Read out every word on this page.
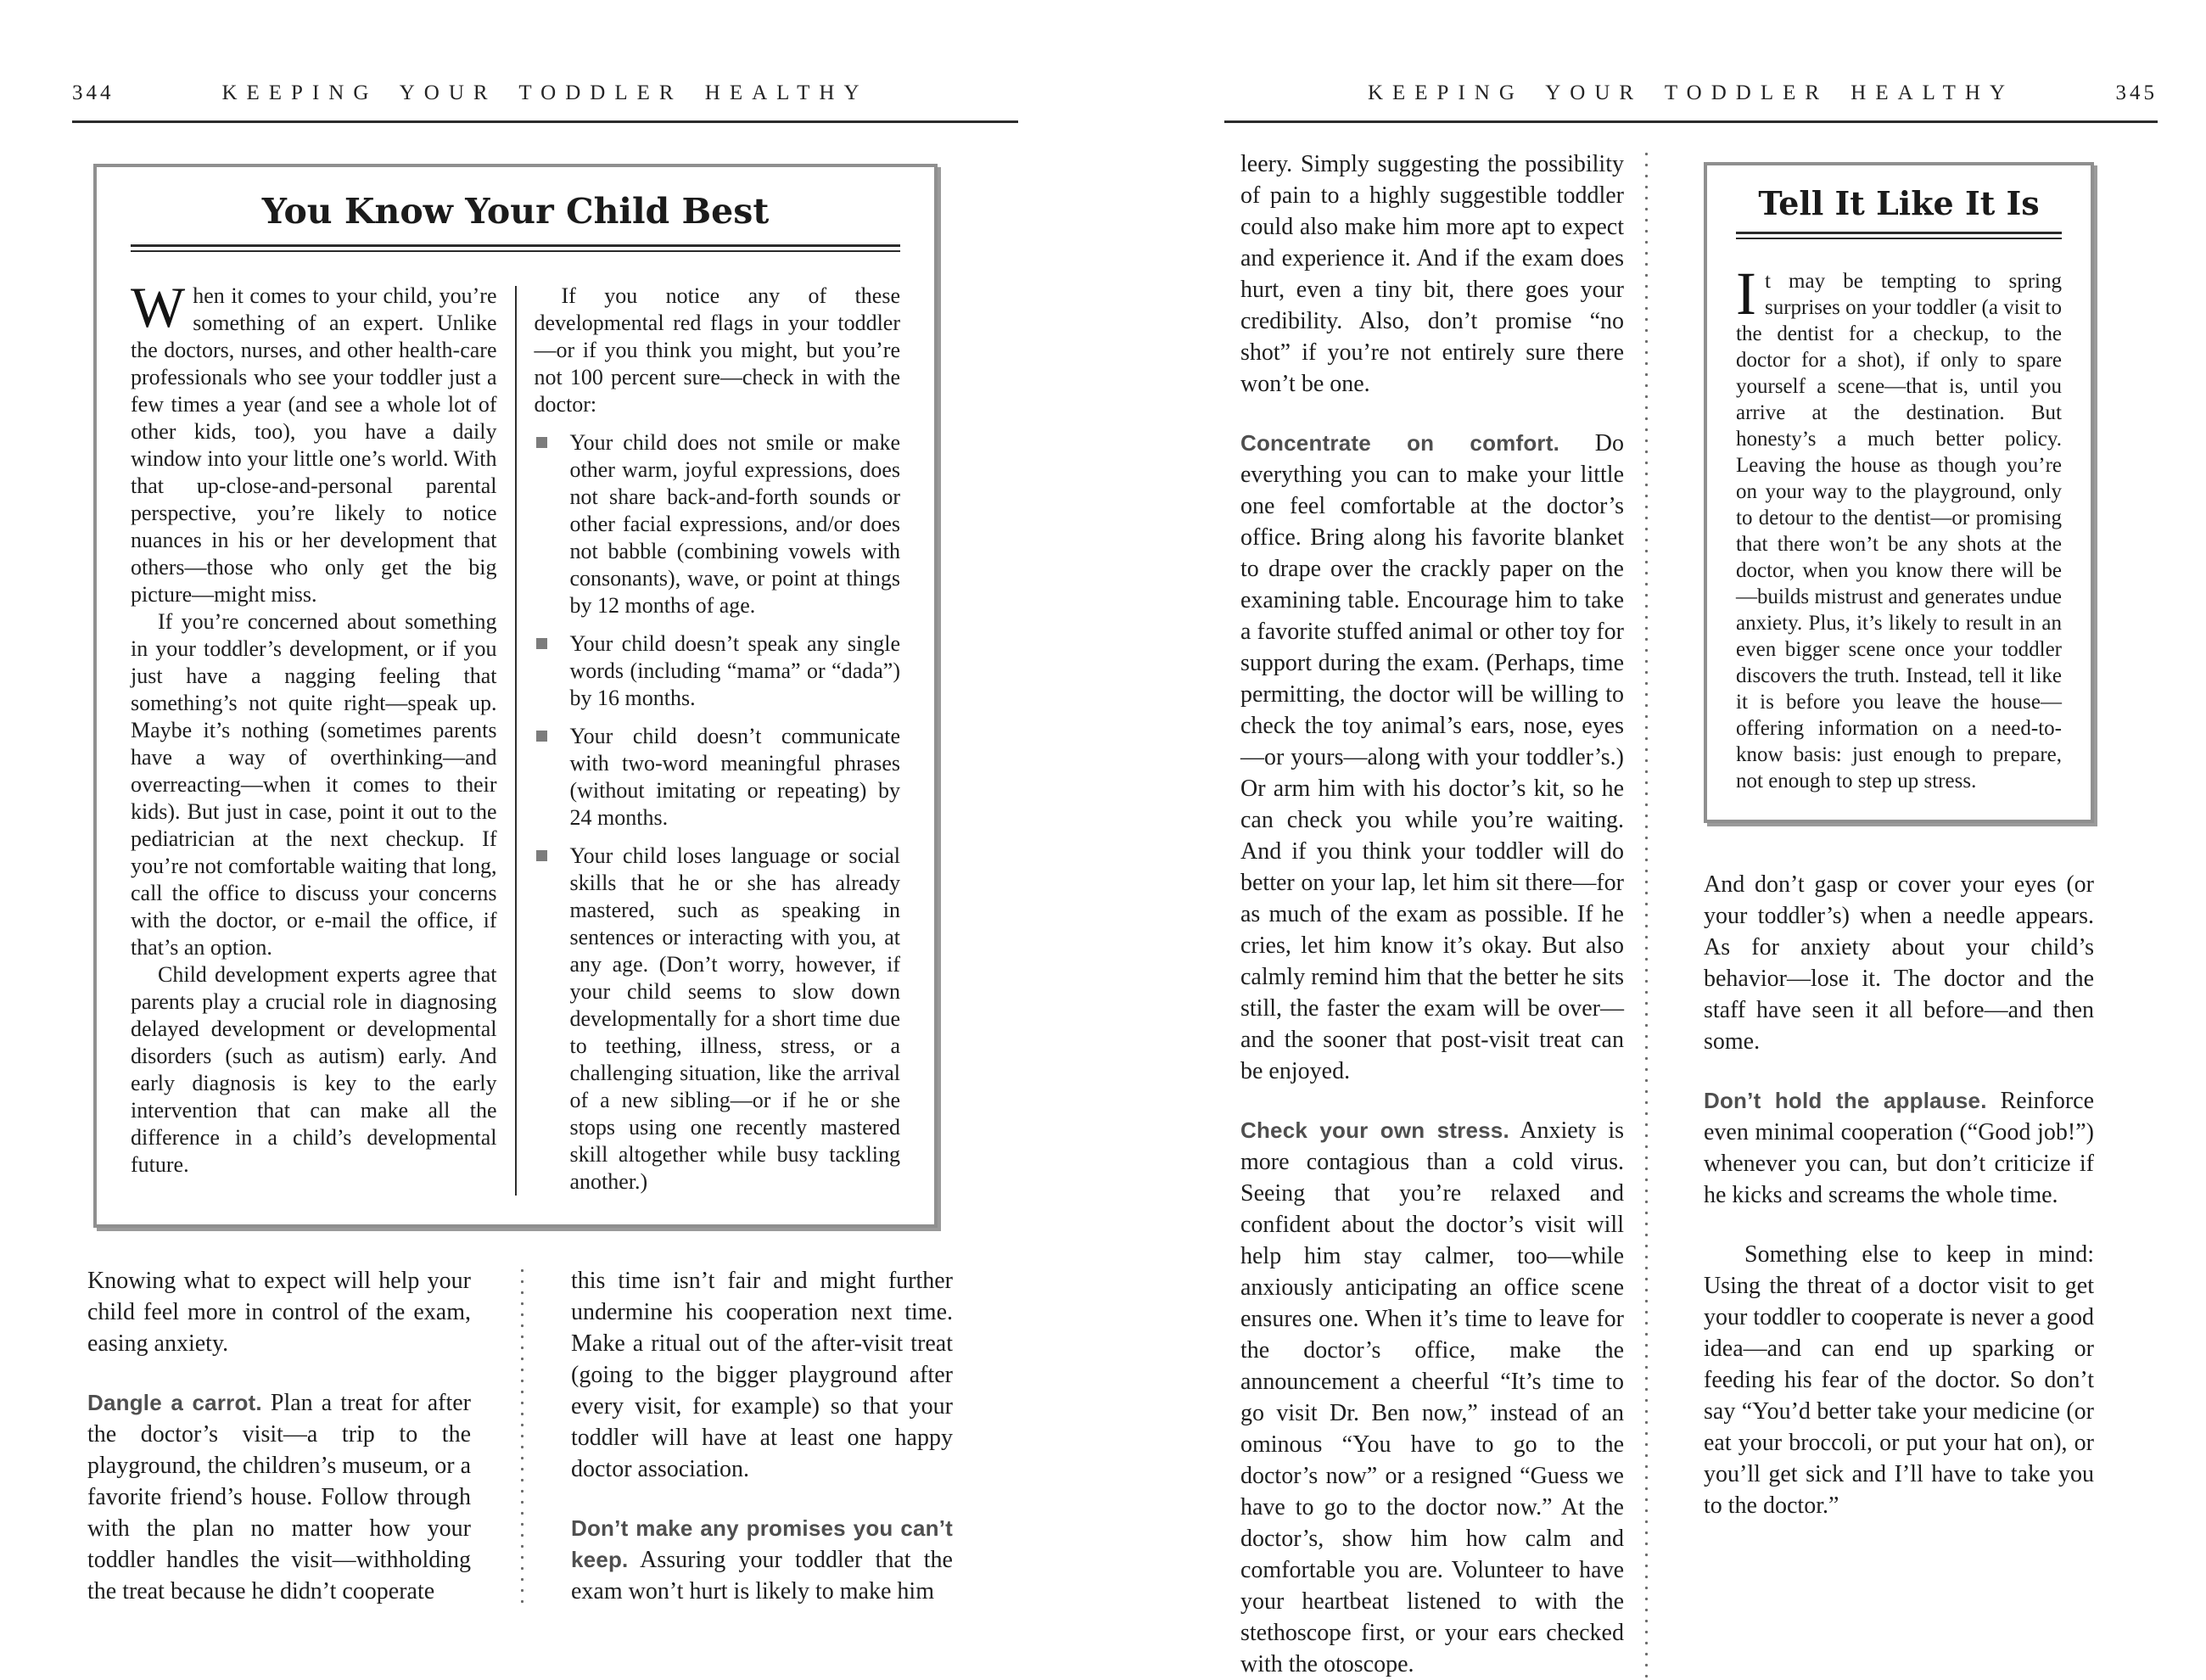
344	KEEPING YOUR TODDLER HEALTHY
You Know Your Child Best

When it comes to your child, you’re something of an expert. Unlike the doctors, nurses, and other health-care professionals who see your toddler just a few times a year (and see a whole lot of other kids, too), you have a daily window into your little one’s world. With that up-close-and-personal parental perspective, you’re likely to notice nuances in his or her development that others—those who only get the big picture—might miss.

If you’re concerned about something in your toddler’s development, or if you just have a nagging feeling that something’s not quite right—speak up. Maybe it’s nothing (sometimes parents have a way of overthinking—and overreacting—when it comes to their kids). But just in case, point it out to the pediatrician at the next checkup. If you’re not comfortable waiting that long, call the office to discuss your concerns with the doctor, or e-mail the office, if that’s an option.

Child development experts agree that parents play a crucial role in diagnosing delayed development or developmental disorders (such as autism) early. And early diagnosis is key to the early intervention that can make all the difference in a child’s developmental future.

If you notice any of these developmental red flags in your toddler—or if you think you might, but you’re not 100 percent sure—check in with the doctor:

Your child does not smile or make other warm, joyful expressions, does not share back-and-forth sounds or other facial expressions, and/or does not babble (combining vowels with consonants), wave, or point at things by 12 months of age.
Your child doesn’t speak any single words (including “mama” or “dada”) by 16 months.
Your child doesn’t communicate with two-word meaningful phrases (without imitating or repeating) by 24 months.
Your child loses language or social skills that he or she has already mastered, such as speaking in sentences or interacting with you, at any age. (Don’t worry, however, if your child seems to slow down developmentally for a short time due to teething, illness, stress, or a challenging situation, like the arrival of a new sibling—or if he or she stops using one recently mastered skill altogether while busy tackling another.)

Knowing what to expect will help your child feel more in control of the exam, easing anxiety.

Dangle a carrot. Plan a treat for after the doctor’s visit—a trip to the playground, the children’s museum, or a favorite friend’s house. Follow through with the plan no matter how your toddler handles the visit—withholding the treat because he didn’t cooperate

this time isn’t fair and might further undermine his cooperation next time. Make a ritual out of the after-visit treat (going to the bigger playground after every visit, for example) so that your toddler will have at least one happy doctor association.

Don’t make any promises you can’t keep. Assuring your toddler that the exam won’t hurt is likely to make him

KEEPING YOUR TODDLER HEALTHY	345

leery. Simply suggesting the possibility of pain to a highly suggestible toddler could also make him more apt to expect and experience it. And if the exam does hurt, even a tiny bit, there goes your credibility. Also, don’t promise “no shot” if you’re not entirely sure there won’t be one.

Concentrate on comfort. Do everything you can to make your little one feel comfortable at the doctor’s office. Bring along his favorite blanket to drape over the crackly paper on the examining table. Encourage him to take a favorite stuffed animal or other toy for support during the exam. (Perhaps, time permitting, the doctor will be willing to check the toy animal’s ears, nose, eyes—or yours—along with your toddler’s.) Or arm him with his doctor’s kit, so he can check you while you’re waiting. And if you think your toddler will do better on your lap, let him sit there—for as much of the exam as possible. If he cries, let him know it’s okay. But also calmly remind him that the better he sits still, the faster the exam will be over—and the sooner that post-visit treat can be enjoyed.

Check your own stress. Anxiety is more contagious than a cold virus. Seeing that you’re relaxed and confident about the doctor’s visit will help him stay calmer, too—while anxiously anticipating an office scene ensures one. When it’s time to leave for the doctor’s office, make the announcement a cheerful “It’s time to go visit Dr. Ben now,” instead of an ominous “You have to go to the doctor’s now” or a resigned “Guess we have to go to the doctor now.” At the doctor’s, show him how calm and comfortable you are. Volunteer to have your heartbeat listened to with the stethoscope first, or your ears checked with the otoscope.

Tell It Like It Is

It may be tempting to spring surprises on your toddler (a visit to the dentist for a checkup, to the doctor for a shot), if only to spare yourself a scene—that is, until you arrive at the destination. But honesty’s a much better policy. Leaving the house as though you’re on your way to the playground, only to detour to the dentist—or promising that there won’t be any shots at the doctor, when you know there will be—builds mistrust and generates undue anxiety. Plus, it’s likely to result in an even bigger scene once your toddler discovers the truth. Instead, tell it like it is before you leave the house—offering information on a need-to-know basis: just enough to prepare, not enough to step up stress.

And don’t gasp or cover your eyes (or your toddler’s) when a needle appears. As for anxiety about your child’s behavior—lose it. The doctor and the staff have seen it all before—and then some.

Don’t hold the applause. Reinforce even minimal cooperation (“Good job!”) whenever you can, but don’t criticize if he kicks and screams the whole time.

Something else to keep in mind: Using the threat of a doctor visit to get your toddler to cooperate is never a good idea—and can end up sparking or feeding his fear of the doctor. So don’t say “You’d better take your medicine (or eat your broccoli, or put your hat on), or you’ll get sick and I’ll have to take you to the doctor.”
